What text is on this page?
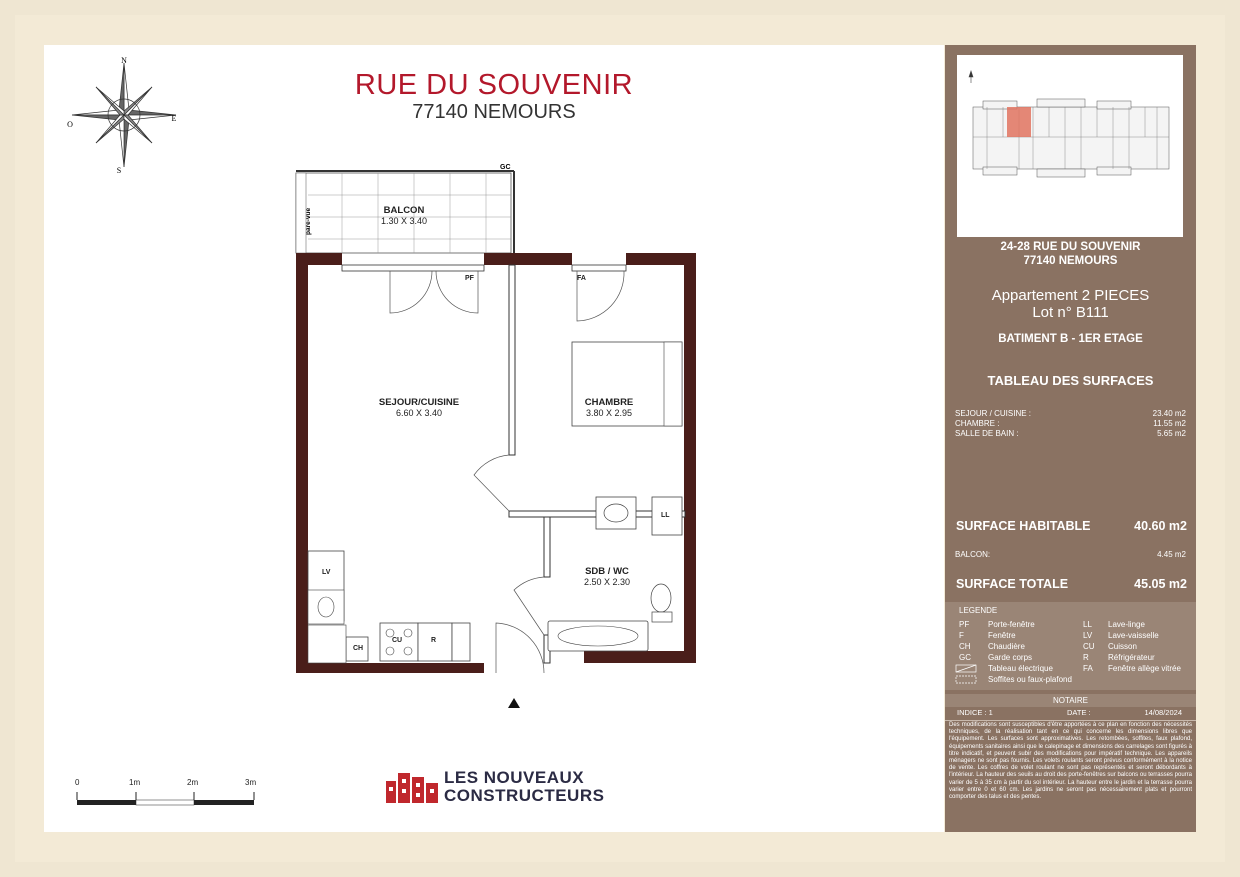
RUE DU SOUVENIR
77140 NEMOURS
N
S
E
O
GC
pare-vue	BALCON
1.30 X 3.40
Seuil max 20 cm
PF	FA
SEJOUR/CUISINE
6.60 X 3.40
CHAMBRE
3.80 X 2.95
SDB / WC
2.50 X 2.30
LL
LV
CU	R
CH
0	1m	2m	3m	LES NOUVEAUX
CONSTRUCTEURS
24-28 RUE DU SOUVENIR
77140 NEMOURS
Appartement 2 PIECES
Lot n° B111
BATIMENT B - 1ER ETAGE
TABLEAU DES SURFACES
SEJOUR / CUISINE :	23.40 m2
CHAMBRE :	11.55 m2
SALLE DE BAIN :	5.65 m2
SURFACE HABITABLE	40.60 m2
BALCON:	4.45 m2
SURFACE TOTALE	45.05 m2
LEGENDE
PF Porte-fenêtre
F	Fenêtre
CH Chaudière
GC Garde corps
Tableau électrique
Soffites ou faux-plafond
LL Lave-linge
LV Lave-vaisselle
CU Cuisson
R Réfrigérateur
FA Fenêtre allège vitrée
NOTAIRE
INDICE : 1	DATE :	14/08/2024
Des modifications sont susceptibles d'être apportées à ce plan en fonction des nécessités techniques, de la réalisation tant en ce qui concerne les dimensions libres que l'équipement. Les surfaces sont approximatives. Les retombées, soffites, faux plafond, équipements sanitaires ainsi que le calepinage et dimensions des carrelages sont figurés à titre indicatif, et peuvent subir des modifications pour impératif technique. Les appareils ménagers ne sont pas fournis. Les volets roulants seront prévus conformément à la notice de vente. Les coffres de volet roulant ne sont pas représentés et seront débordants à l'intérieur. La hauteur des seuils au droit des porte-fenêtres sur balcons ou terrasses pourra varier de 5 à 35 cm à partir du sol intérieur. La hauteur entre le jardin et la terrasse pourra varier entre 0 et 60 cm. Les jardins ne seront pas nécessairement plats et pourront comporter des talus et des pentes.
